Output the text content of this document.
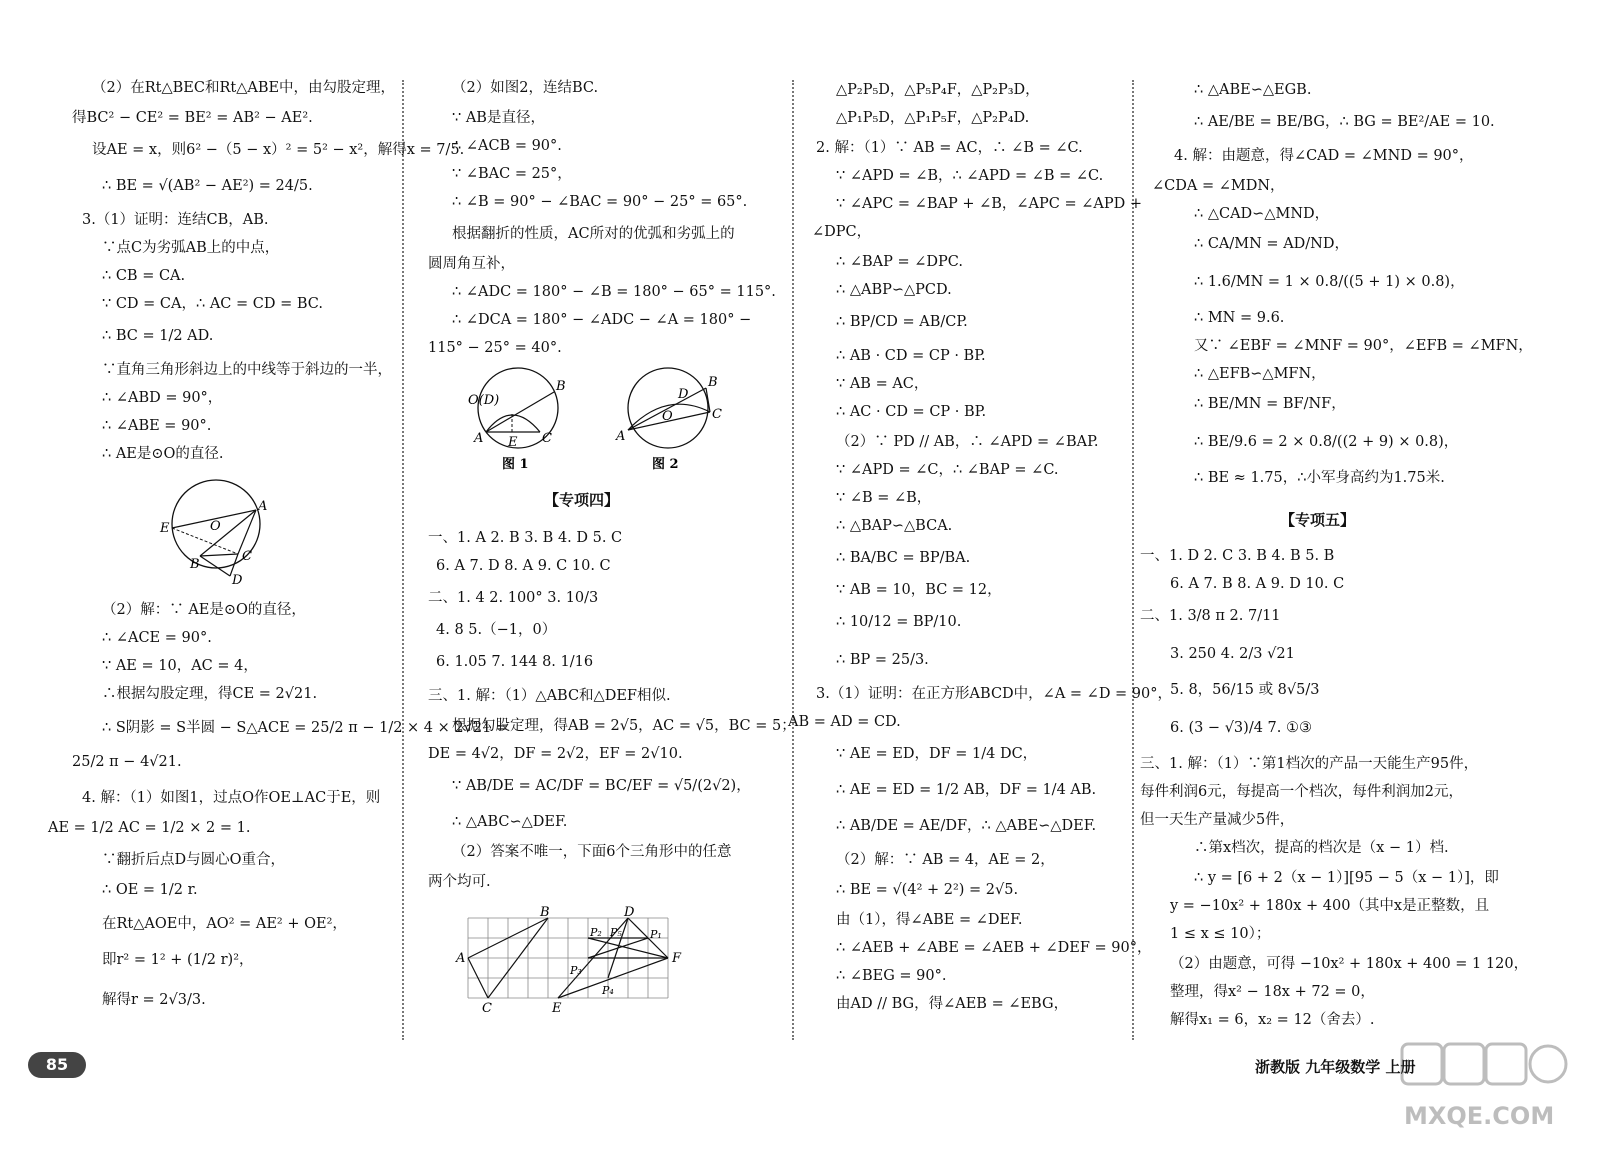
（2）在Rt△BEC和Rt△ABE中，由勾股定理，
得BC² − CE² = BE² = AB² − AE².
设AE = x，则6² −（5 − x）² = 5² − x²，解得x = 7/5.
∴ BE = √(AB² − AE²) = 24/5.
3.（1）证明：连结CB，AB.
∵点C为劣弧AB上的中点，
∴ CB = CA.
∵ CD = CA，∴ AC = CD = BC.
∴ BC = 1/2 AD.
∵直角三角形斜边上的中线等于斜边的一半，
∴ ∠ABD = 90°，
∴ ∠ABE = 90°.
∴ AE是⊙O的直径.
E	O
A
B
C
D
（2）解：∵ AE是⊙O的直径，
∴ ∠ACE = 90°.
∵ AE = 10，AC = 4，
∴根据勾股定理，得CE = 2√21.
∴ S阴影 = S半圆 − S△ACE = 25/2 π − 1/2 × 4 × 2√21 =
25/2 π − 4√21.
4. 解：（1）如图1，过点O作OE⊥AC于E，则
AE = 1/2 AC = 1/2 × 2 = 1.
∵翻折后点D与圆心O重合，
∴ OE = 1/2 r.
在Rt△AOE中，AO² = AE² + OE²，
即r² = 1² + (1/2 r)²，
解得r = 2√3/3.
（2）如图2，连结BC.
∵ AB是直径，
∴ ∠ACB = 90°.
∵ ∠BAC = 25°，
∴ ∠B = 90° − ∠BAC = 90° − 25° = 65°.
根据翻折的性质，AC所对的优弧和劣弧上的
圆周角互补，
∴ ∠ADC = 180° − ∠B = 180° − 65° = 115°.
∴ ∠DCA = 180° − ∠ADC − ∠A = 180° −
115° − 25° = 40°.
O(D)
B
A E C
图 1
B
D
O
A
C
图 2
【专项四】
一、1. A 2. B 3. B 4. D 5. C
6. A 7. D 8. A 9. C 10. C
二、1. 4 2. 100° 3. 10/3
4. 8 5.（−1，0）
6. 1.05 7. 144 8. 1/16
三、1. 解：（1）△ABC和△DEF相似.
根据勾股定理，得AB = 2√5，AC = √5，BC = 5；
DE = 4√2，DF = 2√2，EF = 2√10.
∵ AB/DE = AC/DF = BC/EF = √5/(2√2)，
∴ △ABC∽△DEF.
（2）答案不唯一，下面6个三角形中的任意
两个均可.
B	D
A	F
C	E
P₁
P₂
P₃
P₄
P₅
△P₂P₅D，△P₅P₄F，△P₂P₃D，
△P₁P₅D，△P₁P₅F，△P₂P₄D.
2. 解：（1）∵ AB = AC，∴ ∠B = ∠C.
∵ ∠APD = ∠B，∴ ∠APD = ∠B = ∠C.
∵ ∠APC = ∠BAP + ∠B，∠APC = ∠APD +
∠DPC，
∴ ∠BAP = ∠DPC.
∴ △ABP∽△PCD.
∴ BP/CD = AB/CP.
∴ AB · CD = CP · BP.
∵ AB = AC，
∴ AC · CD = CP · BP.
（2）∵ PD // AB，∴ ∠APD = ∠BAP.
∵ ∠APD = ∠C，∴ ∠BAP = ∠C.
∵ ∠B = ∠B，
∴ △BAP∽△BCA.
∴ BA/BC = BP/BA.
∵ AB = 10，BC = 12，
∴ 10/12 = BP/10.
∴ BP = 25/3.
3.（1）证明：在正方形ABCD中，∠A = ∠D = 90°，
AB = AD = CD.
∵ AE = ED，DF = 1/4 DC，
∴ AE = ED = 1/2 AB，DF = 1/4 AB.
∴ AB/DE = AE/DF，∴ △ABE∽△DEF.
（2）解：∵ AB = 4，AE = 2，
∴ BE = √(4² + 2²) = 2√5.
由（1），得∠ABE = ∠DEF.
∴ ∠AEB + ∠ABE = ∠AEB + ∠DEF = 90°，
∴ ∠BEG = 90°.
由AD // BG，得∠AEB = ∠EBG，
∴ △ABE∽△EGB.
∴ AE/BE = BE/BG，∴ BG = BE²/AE = 10.
4. 解：由题意，得∠CAD = ∠MND = 90°，
∠CDA = ∠MDN，
∴ △CAD∽△MND，
∴ CA/MN = AD/ND，
∴ 1.6/MN = 1 × 0.8/((5 + 1) × 0.8)，
∴ MN = 9.6.
又∵ ∠EBF = ∠MNF = 90°，∠EFB = ∠MFN，
∴ △EFB∽△MFN，
∴ BE/MN = BF/NF，
∴ BE/9.6 = 2 × 0.8/((2 + 9) × 0.8)，
∴ BE ≈ 1.75，∴小军身高约为1.75米.
【专项五】
一、1. D 2. C 3. B 4. B 5. B
6. A 7. B 8. A 9. D 10. C
二、1. 3/8 π 2. 7/11
3. 250 4. 2/3 √21
5. 8，56/15 或 8√5/3
6. (3 − √3)/4 7. ①③
三、1. 解：（1）∵第1档次的产品一天能生产95件，
每件利润6元，每提高一个档次，每件利润加2元，
但一天生产量减少5件，
∴第x档次，提高的档次是（x − 1）档.
∴ y = [6 + 2（x − 1）][95 − 5（x − 1）]，即
y = −10x² + 180x + 400（其中x是正整数，且
1 ≤ x ≤ 10）；
（2）由题意，可得 −10x² + 180x + 400 = 1 120，
整理，得x² − 18x + 72 = 0，
解得x₁ = 6，x₂ = 12（舍去）.
85	浙教版 九年级数学 上册
MXQE.COM
